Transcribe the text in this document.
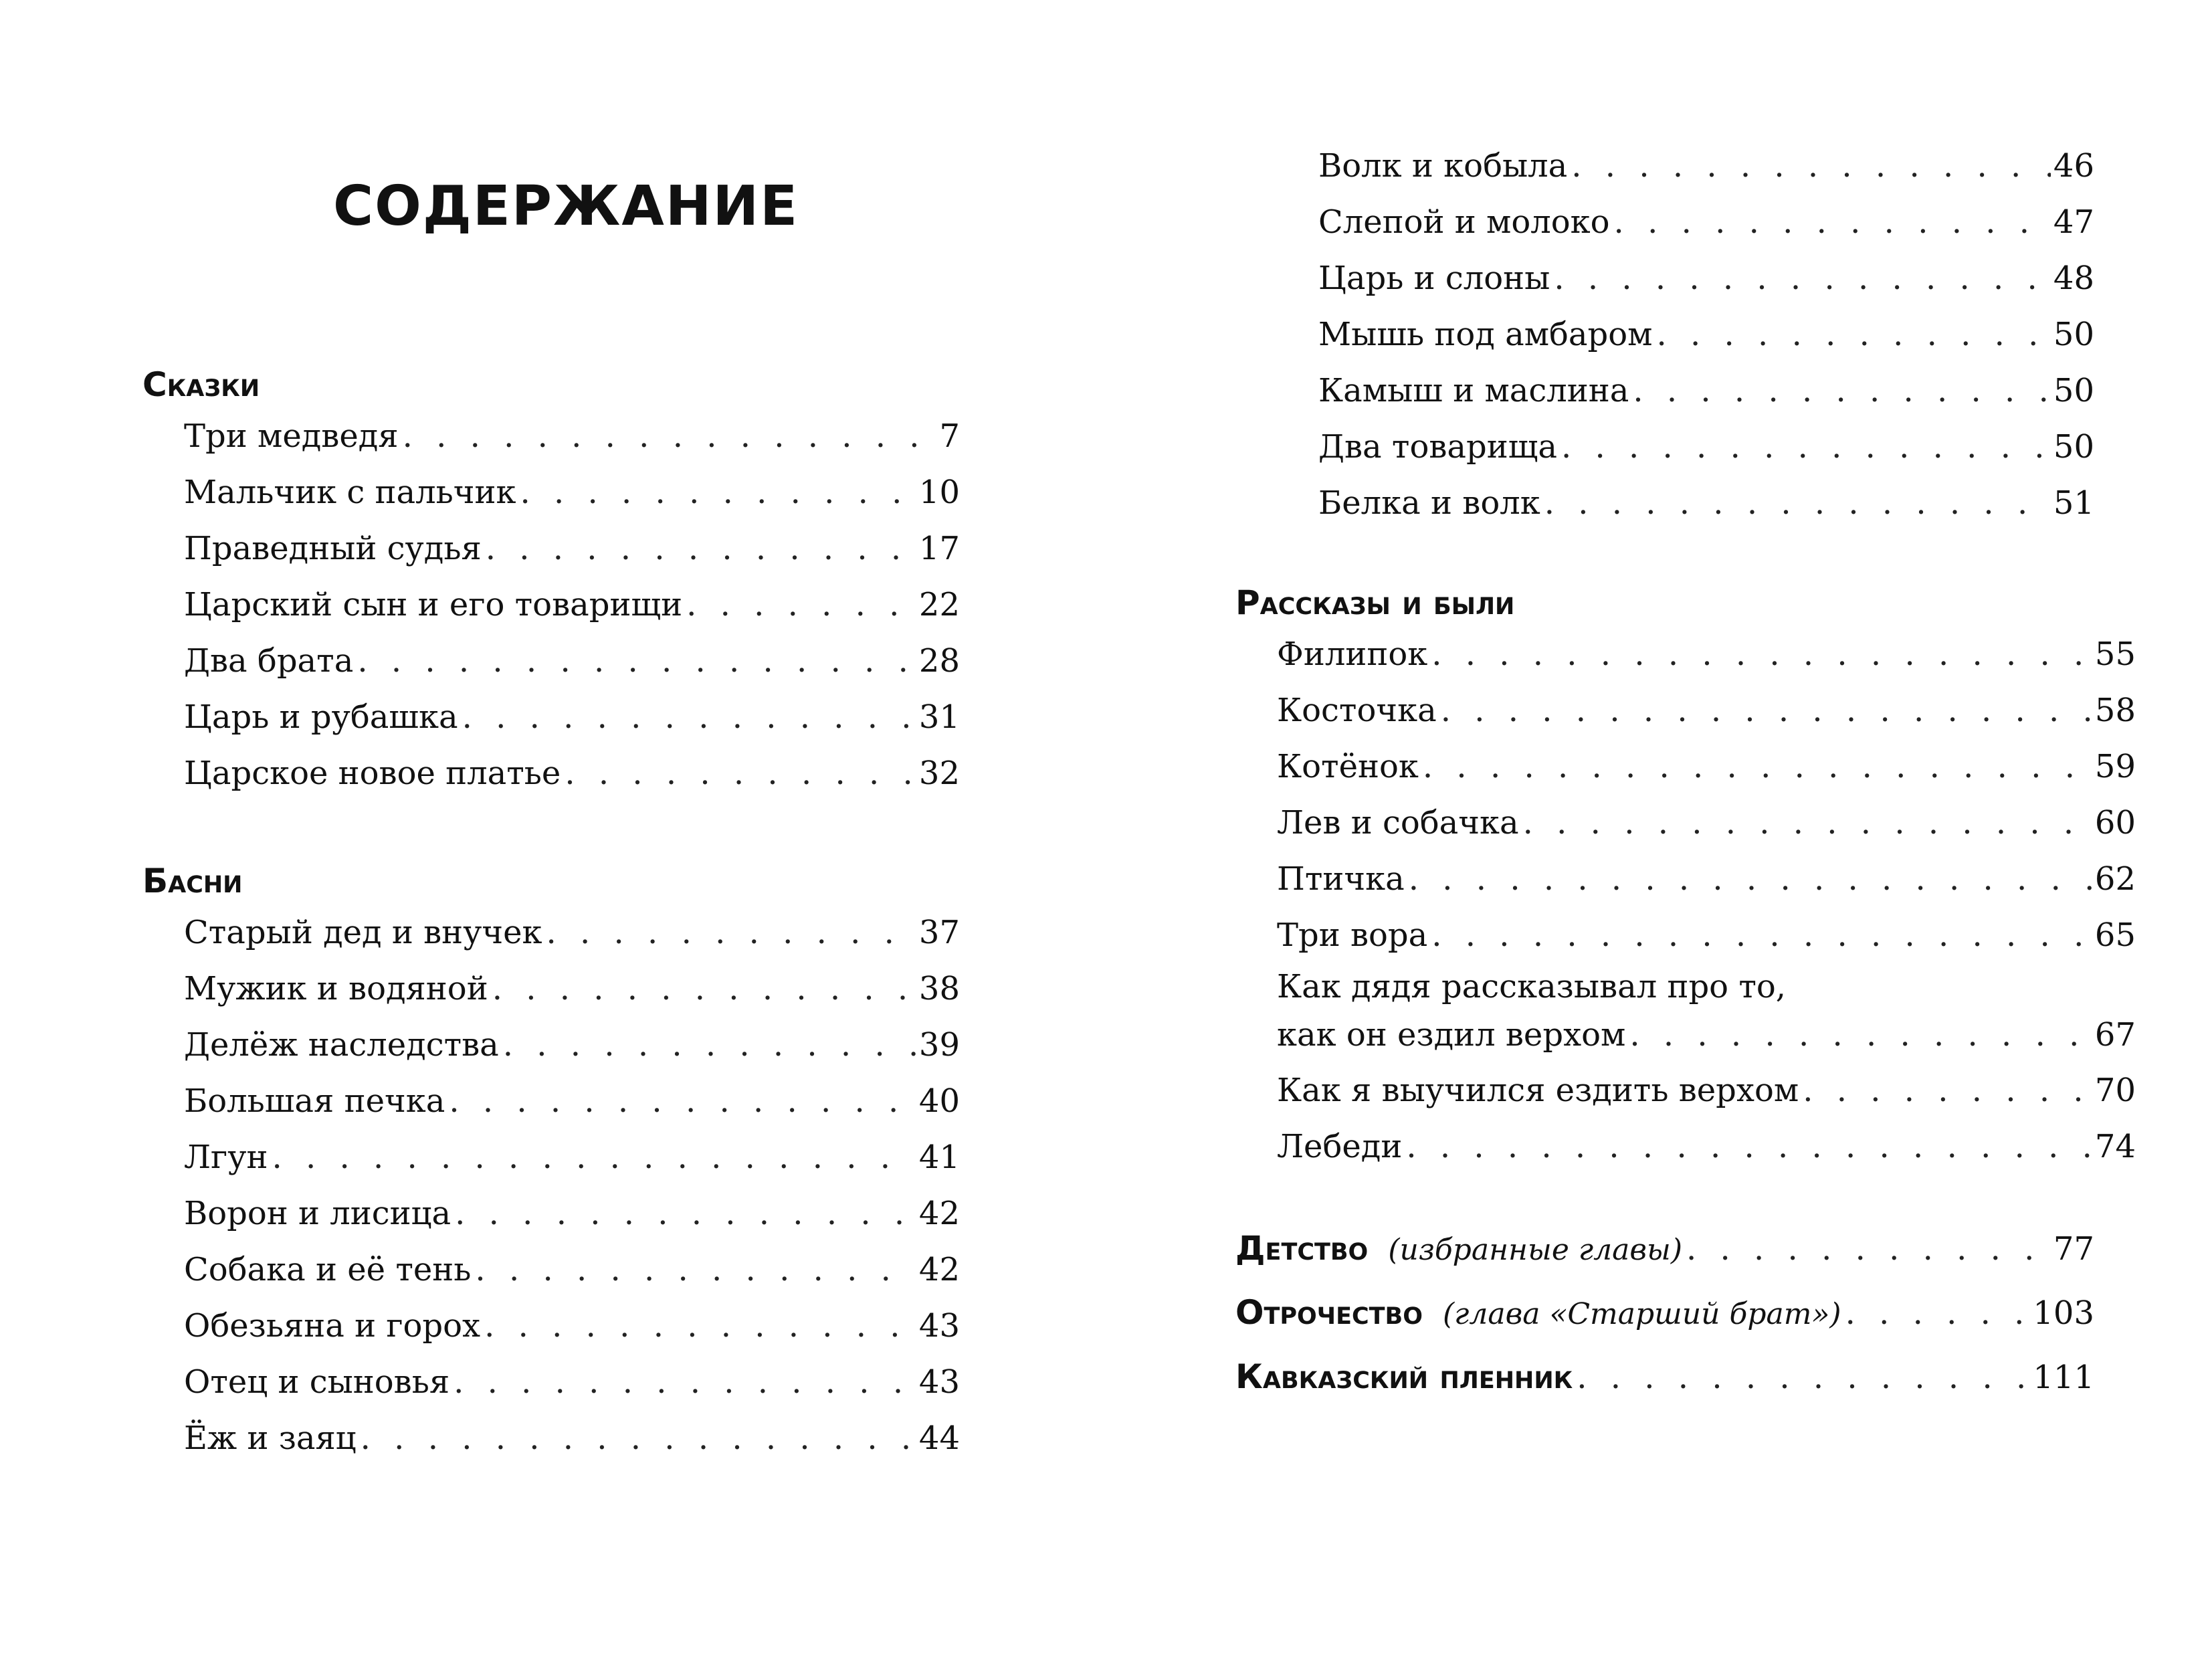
СОДЕРЖАНИЕ
Сказки
Три медведя . . .	7
Мальчик с пальчик . . .	10
Праведный судья . . .	17
Царский сын и его товарищи . . .	22
Два брата . . .	28
Царь и рубашка . . .	31
Царское новое платье . . .	32
Басни
Старый дед и внучек . . .	37
Мужик и водяной . . .	38
Делёж наследства . . .	39
Большая печка . . .	40
Лгун . . .	41
Ворон и лисица . . .	42
Собака и её тень . . .	42
Обезьяна и горох . . .	43
Отец и сыновья . . .	43
Ёж и заяц . . .	44
Волк и кобыла . . .	46
Слепой и молоко . . .	47
Царь и слоны . . .	48
Мышь под амбаром . . .	50
Камыш и маслина . . .	50
Два товарища . . .	50
Белка и волк . . .	51
Рассказы и были
Филипок . . .	55
Косточка . . .	58
Котёнок . . .	59
Лев и собачка . . .	60
Птичка . . .	62
Три вора . . .	65
Как дядя рассказывал про то,
как он ездил верхом . . .	67
Как я выучился ездить верхом . . .	70
Лебеди . . .	74
Детство (избранные главы) . . .	77
Отрочество (глава «Старший брат») . . .	103
Кавказский пленник . . .	111
